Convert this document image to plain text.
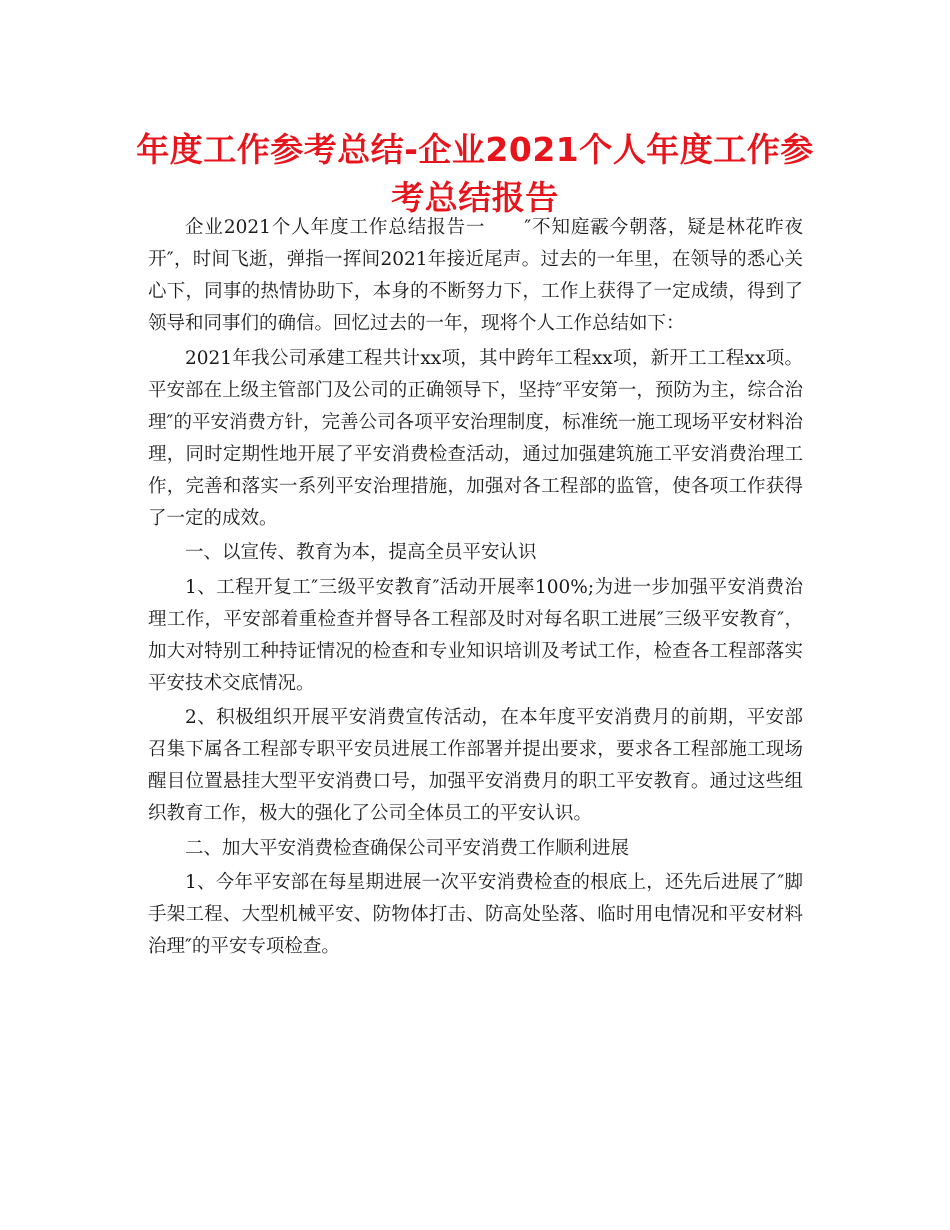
年度工作参考总结-企业2021个人年度工作参考总结报告

企业2021个人年度工作总结报告一　　″不知庭霰今朝落，疑是林花昨夜开″，时间飞逝，弹指一挥间2021年接近尾声。过去的一年里，在领导的悉心关心下，同事的热情协助下，本身的不断努力下，工作上获得了一定成绩，得到了领导和同事们的确信。回忆过去的一年，现将个人工作总结如下：

2021年我公司承建工程共计xx项，其中跨年工程xx项，新开工工程xx项。平安部在上级主管部门及公司的正确领导下，坚持″平安第一，预防为主，综合治理″的平安消费方针，完善公司各项平安治理制度，标准统一施工现场平安材料治理，同时定期性地开展了平安消费检查活动，通过加强建筑施工平安消费治理工作，完善和落实一系列平安治理措施，加强对各工程部的监管，使各项工作获得了一定的成效。

一、以宣传、教育为本，提高全员平安认识

1、工程开复工″三级平安教育″活动开展率100%;为进一步加强平安消费治理工作，平安部着重检查并督导各工程部及时对每名职工进展″三级平安教育″，加大对特别工种持证情况的检查和专业知识培训及考试工作，检查各工程部落实平安技术交底情况。

2、积极组织开展平安消费宣传活动，在本年度平安消费月的前期，平安部召集下属各工程部专职平安员进展工作部署并提出要求，要求各工程部施工现场醒目位置悬挂大型平安消费口号，加强平安消费月的职工平安教育。通过这些组织教育工作，极大的强化了公司全体员工的平安认识。

二、加大平安消费检查确保公司平安消费工作顺利进展

1、今年平安部在每星期进展一次平安消费检查的根底上，还先后进展了″脚手架工程、大型机械平安、防物体打击、防高处坠落、临时用电情况和平安材料治理″的平安专项检查。
